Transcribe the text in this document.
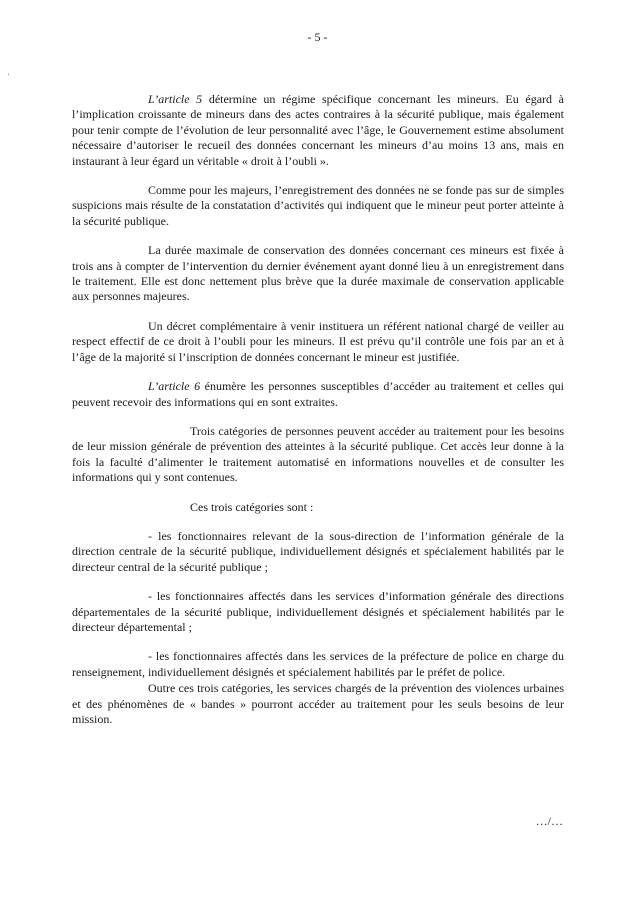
- 5 -
'

L’article 5 détermine un régime spécifique concernant les mineurs. Eu égard à l’implication croissante de mineurs dans des actes contraires à la sécurité publique, mais également pour tenir compte de l’évolution de leur personnalité avec l’âge, le Gouvernement estime absolument nécessaire d’autoriser le recueil des données concernant les mineurs d’au moins 13 ans, mais en instaurant à leur égard un véritable « droit à l’oubli ».

Comme pour les majeurs, l’enregistrement des données ne se fonde pas sur de simples suspicions mais résulte de la constatation d’activités qui indiquent que le mineur peut porter atteinte à la sécurité publique.

La durée maximale de conservation des données concernant ces mineurs est fixée à trois ans à compter de l’intervention du dernier événement ayant donné lieu à un enregistrement dans le traitement. Elle est donc nettement plus brève que la durée maximale de conservation applicable aux personnes majeures.

Un décret complémentaire à venir instituera un référent national chargé de veiller au respect effectif de ce droit à l’oubli pour les mineurs. Il est prévu qu’il contrôle une fois par an et à l’âge de la majorité si l’inscription de données concernant le mineur est justifiée.

L’article 6 énumère les personnes susceptibles d’accéder au traitement et celles qui peuvent recevoir des informations qui en sont extraites.

Trois catégories de personnes peuvent accéder au traitement pour les besoins de leur mission générale de prévention des atteintes à la sécurité publique. Cet accès leur donne à la fois la faculté d’alimenter le traitement automatisé en informations nouvelles et de consulter les informations qui y sont contenues.

Ces trois catégories sont :

- les fonctionnaires relevant de la sous-direction de l’information générale de la direction centrale de la sécurité publique, individuellement désignés et spécialement habilités par le directeur central de la sécurité publique ;

- les fonctionnaires affectés dans les services d’information générale des directions départementales de la sécurité publique, individuellement désignés et spécialement habilités par le directeur départemental ;

- les fonctionnaires affectés dans les services de la préfecture de police en charge du renseignement, individuellement désignés et spécialement habilités par le préfet de police.

Outre ces trois catégories, les services chargés de la prévention des violences urbaines et des phénomènes de « bandes » pourront accéder au traitement pour les seuls besoins de leur mission.

…/…
